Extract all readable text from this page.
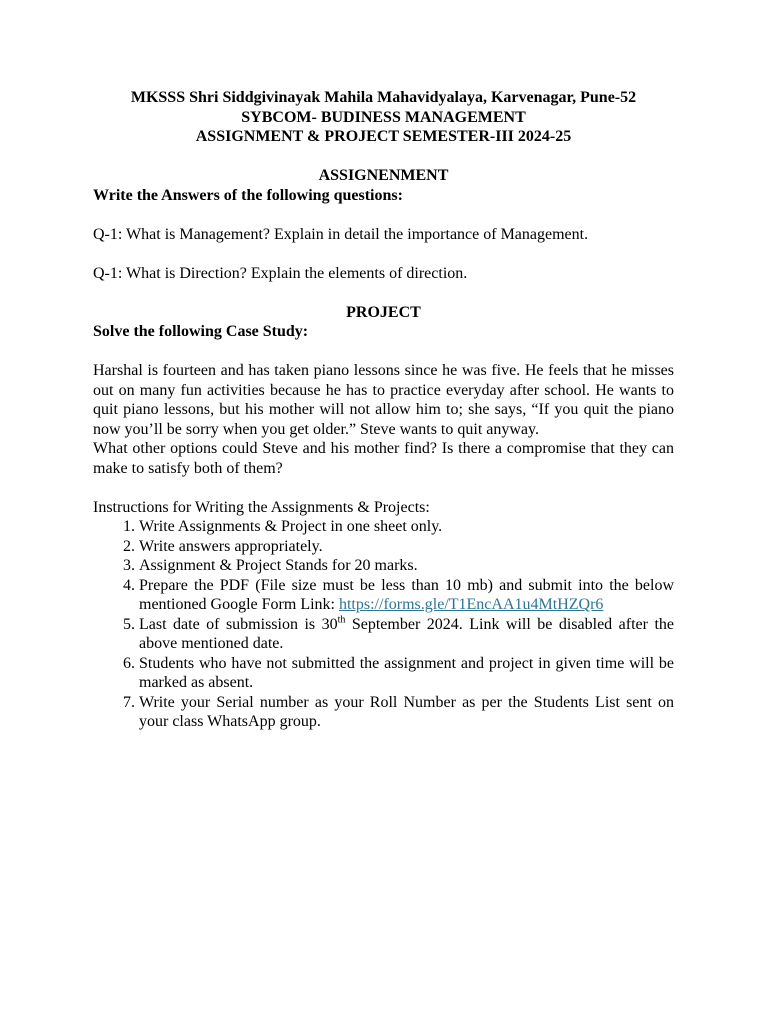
MKSSS Shri Siddgivinayak Mahila Mahavidyalaya, Karvenagar, Pune-52

SYBCOM- BUDINESS MANAGEMENT

ASSIGNMENT & PROJECT SEMESTER-III 2024-25

ASSIGNENMENT

Write the Answers of the following questions:

Q-1: What is Management? Explain in detail the importance of Management.

Q-1: What is Direction? Explain the elements of direction.

PROJECT

Solve the following Case Study:

Harshal is fourteen and has taken piano lessons since he was five. He feels that he misses out on many fun activities because he has to practice everyday after school. He wants to quit piano lessons, but his mother will not allow him to; she says, “If you quit the piano now you’ll be sorry when you get older.” Steve wants to quit anyway.

What other options could Steve and his mother find? Is there a compromise that they can make to satisfy both of them?

Instructions for Writing the Assignments & Projects:

1. Write Assignments & Project in one sheet only.
2. Write answers appropriately.
3. Assignment & Project Stands for 20 marks.
4. Prepare the PDF (File size must be less than 10 mb) and submit into the below mentioned Google Form Link: https://forms.gle/T1EncAA1u4MtHZQr6
5. Last date of submission is 30th September 2024. Link will be disabled after the above mentioned date.
6. Students who have not submitted the assignment and project in given time will be marked as absent.
7. Write your Serial number as your Roll Number as per the Students List sent on your class WhatsApp group.
